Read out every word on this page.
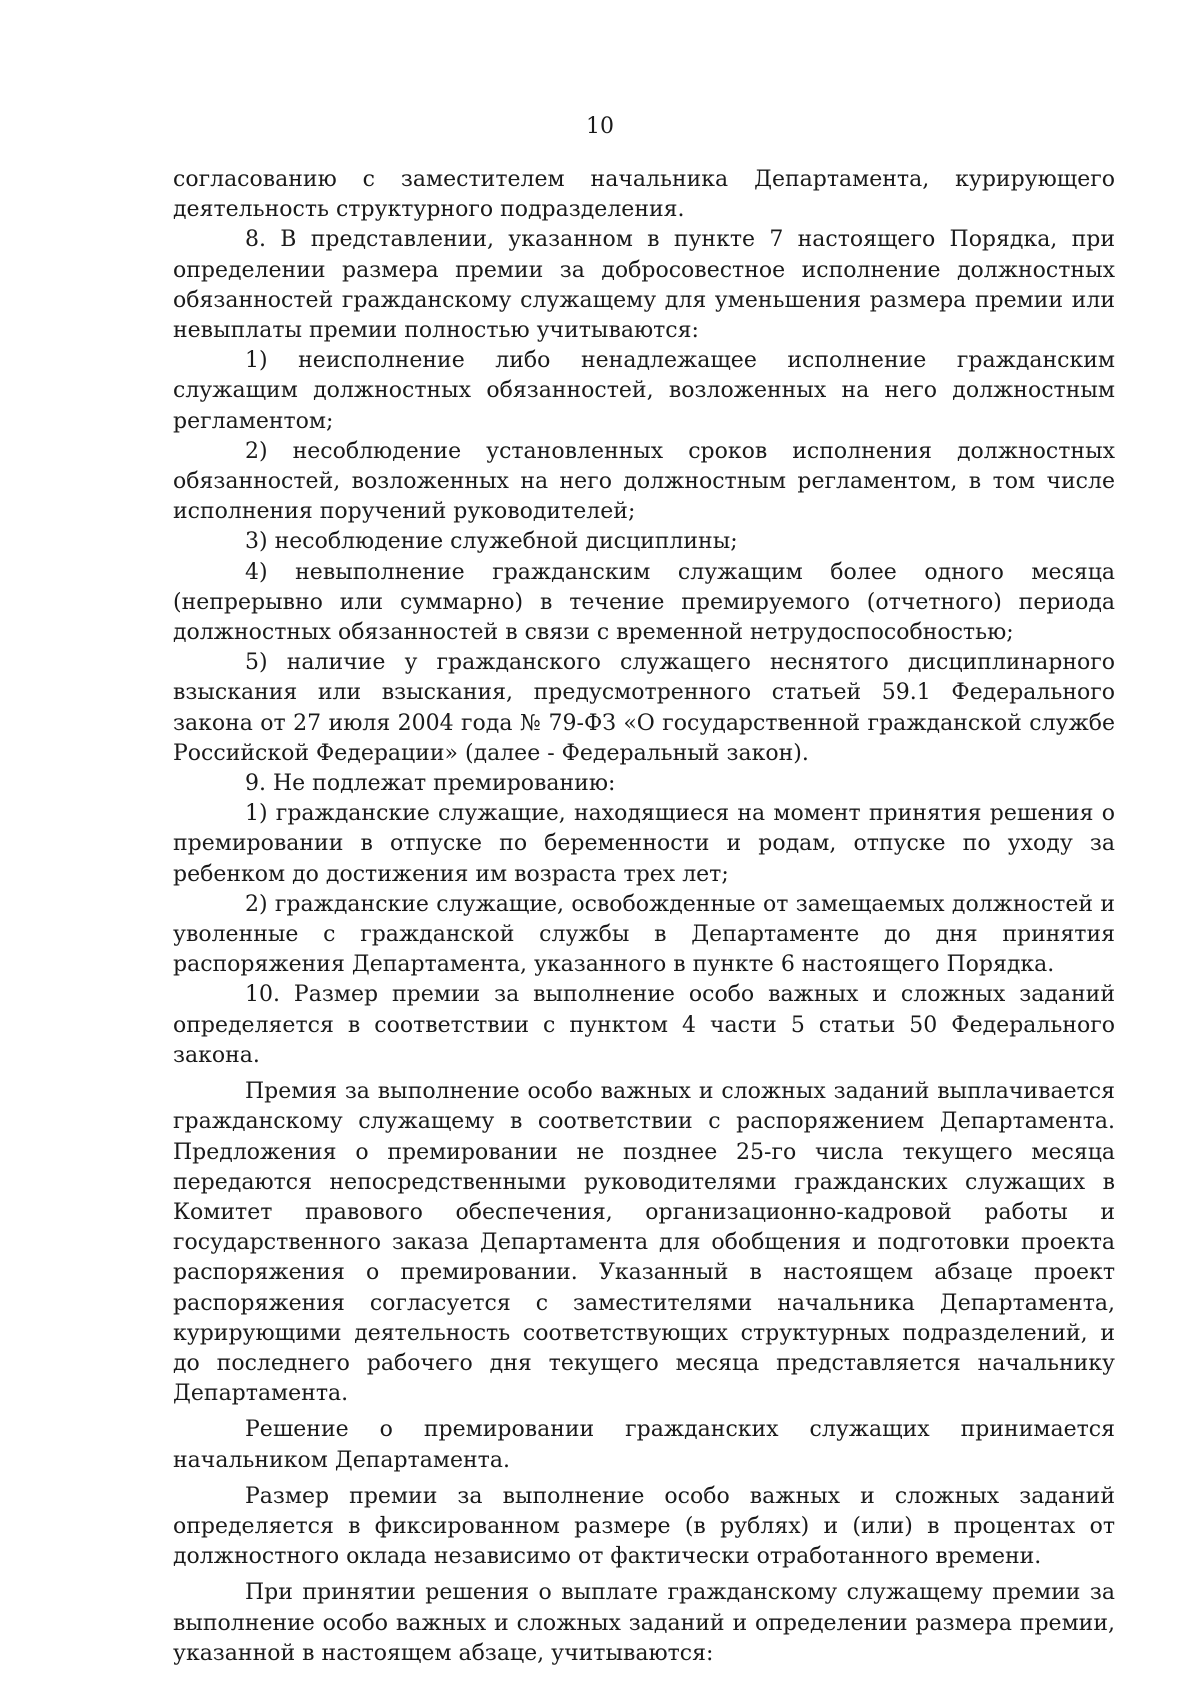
10

согласованию с заместителем начальника Департамента, курирующего деятельность структурного подразделения.

8. В представлении, указанном в пункте 7 настоящего Порядка, при определении размера премии за добросовестное исполнение должностных обязанностей гражданскому служащему для уменьшения размера премии или невыплаты премии полностью учитываются:

1) неисполнение либо ненадлежащее исполнение гражданским служащим должностных обязанностей, возложенных на него должностным регламентом;

2) несоблюдение установленных сроков исполнения должностных обязанностей, возложенных на него должностным регламентом, в том числе исполнения поручений руководителей;

3) несоблюдение служебной дисциплины;

4) невыполнение гражданским служащим более одного месяца (непрерывно или суммарно) в течение премируемого (отчетного) периода должностных обязанностей в связи с временной нетрудоспособностью;

5) наличие у гражданского служащего неснятого дисциплинарного взыскания или взыскания, предусмотренного статьей 59.1 Федерального закона от 27 июля 2004 года № 79-ФЗ «О государственной гражданской службе Российской Федерации» (далее - Федеральный закон).

9. Не подлежат премированию:

1) гражданские служащие, находящиеся на момент принятия решения о премировании в отпуске по беременности и родам, отпуске по уходу за ребенком до достижения им возраста трех лет;

2) гражданские служащие, освобожденные от замещаемых должностей и уволенные с гражданской службы в Департаменте до дня принятия распоряжения Департамента, указанного в пункте 6 настоящего Порядка.

10. Размер премии за выполнение особо важных и сложных заданий определяется в соответствии с пунктом 4 части 5 статьи 50 Федерального закона.

Премия за выполнение особо важных и сложных заданий выплачивается гражданскому служащему в соответствии с распоряжением Департамента. Предложения о премировании не позднее 25-го числа текущего месяца передаются непосредственными руководителями гражданских служащих в Комитет правового обеспечения, организационно-кадровой работы и государственного заказа Департамента для обобщения и подготовки проекта распоряжения о премировании. Указанный в настоящем абзаце проект распоряжения согласуется с заместителями начальника Департамента, курирующими деятельность соответствующих структурных подразделений, и до последнего рабочего дня текущего месяца представляется начальнику Департамента.

Решение о премировании гражданских служащих принимается начальником Департамента.

Размер премии за выполнение особо важных и сложных заданий определяется в фиксированном размере (в рублях) и (или) в процентах от должностного оклада независимо от фактически отработанного времени.

При принятии решения о выплате гражданскому служащему премии за выполнение особо важных и сложных заданий и определении размера премии, указанной в настоящем абзаце, учитываются:
